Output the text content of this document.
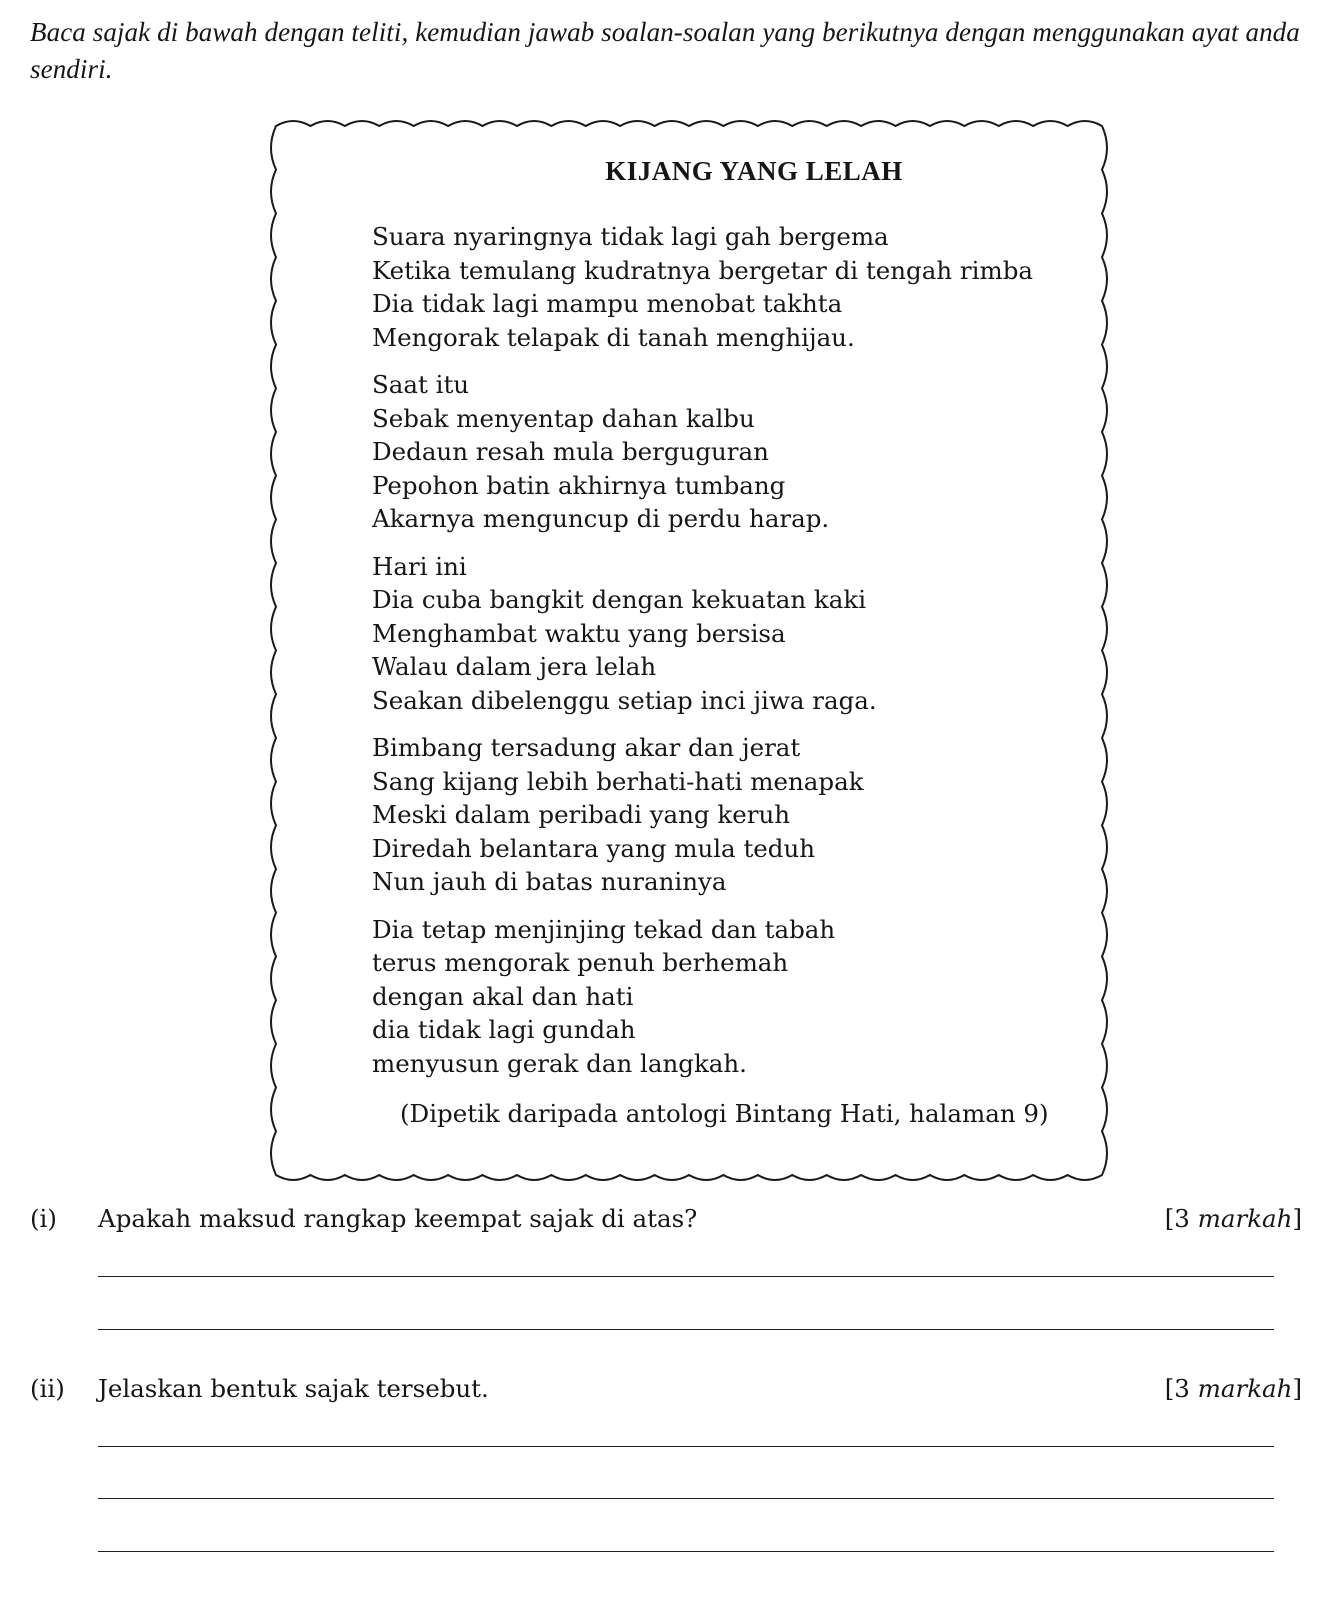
Baca sajak di bawah dengan teliti, kemudian jawab soalan-soalan yang berikutnya dengan menggunakan ayat anda sendiri.
KIJANG YANG LELAH
Suara nyaringnya tidak lagi gah bergema
Ketika temulang kudratnya bergetar di tengah rimba
Dia tidak lagi mampu menobat takhta
Mengorak telapak di tanah menghijau.
Saat itu
Sebak menyentap dahan kalbu
Dedaun resah mula berguguran
Pepohon batin akhirnya tumbang
Akarnya menguncup di perdu harap.
Hari ini
Dia cuba bangkit dengan kekuatan kaki
Menghambat waktu yang bersisa
Walau dalam jera lelah
Seakan dibelenggu setiap inci jiwa raga.
Bimbang tersadung akar dan jerat
Sang kijang lebih berhati-hati menapak
Meski dalam peribadi yang keruh
Diredah belantara yang mula teduh
Nun jauh di batas nuraninya
Dia tetap menjinjing tekad dan tabah
terus mengorak penuh berhemah
dengan akal dan hati
dia tidak lagi gundah
menyusun gerak dan langkah.
(Dipetik daripada antologi Bintang Hati, halaman 9)
(i) Apakah maksud rangkap keempat sajak di atas?	[3 markah]
(ii) Jelaskan bentuk sajak tersebut.	[3 markah]
